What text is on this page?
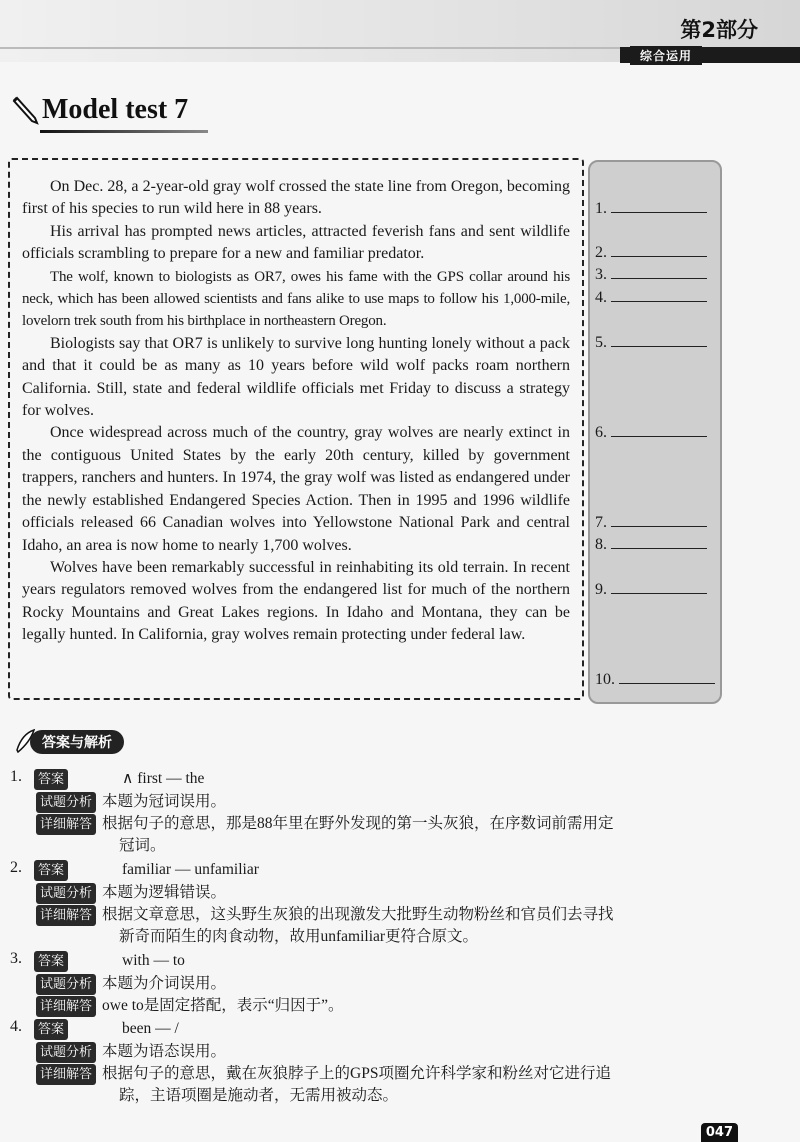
第2部分
综合运用
Model test 7

On Dec. 28, a 2-year-old gray wolf crossed the state line from Oregon, becoming first of his species to run wild here in 88 years.

His arrival has prompted news articles, attracted feverish fans and sent wildlife officials scrambling to prepare for a new and familiar predator.

The wolf, known to biologists as OR7, owes his fame with the GPS collar around his neck, which has been allowed scientists and fans alike to use maps to follow his 1,000-mile, lovelorn trek south from his birthplace in northeastern Oregon.

Biologists say that OR7 is unlikely to survive long hunting lonely without a pack and that it could be as many as 10 years before wild wolf packs roam northern California. Still, state and federal wildlife officials met Friday to discuss a strategy for wolves.

Once widespread across much of the country, gray wolves are nearly extinct in the contiguous United States by the early 20th century, killed by government trappers, ranchers and hunters. In 1974, the gray wolf was listed as endangered under the newly established Endangered Species Action. Then in 1995 and 1996 wildlife officials released 66 Canadian wolves into Yellowstone National Park and central Idaho, an area is now home to nearly 1,700 wolves.

Wolves have been remarkably successful in reinhabiting its old terrain. In recent years regulators removed wolves from the endangered list for much of the northern Rocky Mountains and Great Lakes regions. In Idaho and Montana, they can be legally hunted. In California, gray wolves remain protecting under federal law.

1.
2.
3.
4.
5.
6.
7.
8.
9.
10.
答案与解析
1.	答案	∧ first — the
试题分析 本题为冠词误用。
详细解答 根据句子的意思，那是88年里在野外发现的第一头灰狼，在序数词前需用定
冠词。
2.	答案	familiar — unfamiliar
试题分析 本题为逻辑错误。
详细解答 根据文章意思，这头野生灰狼的出现激发大批野生动物粉丝和官员们去寻找
新奇而陌生的肉食动物，故用unfamiliar更符合原文。
3.	答案	with — to
试题分析 本题为介词误用。
详细解答 owe to是固定搭配，表示“归因于”。
4.	答案	been — /
试题分析 本题为语态误用。
详细解答 根据句子的意思，戴在灰狼脖子上的GPS项圈允许科学家和粉丝对它进行追
踪，主语项圈是施动者，无需用被动态。
047
